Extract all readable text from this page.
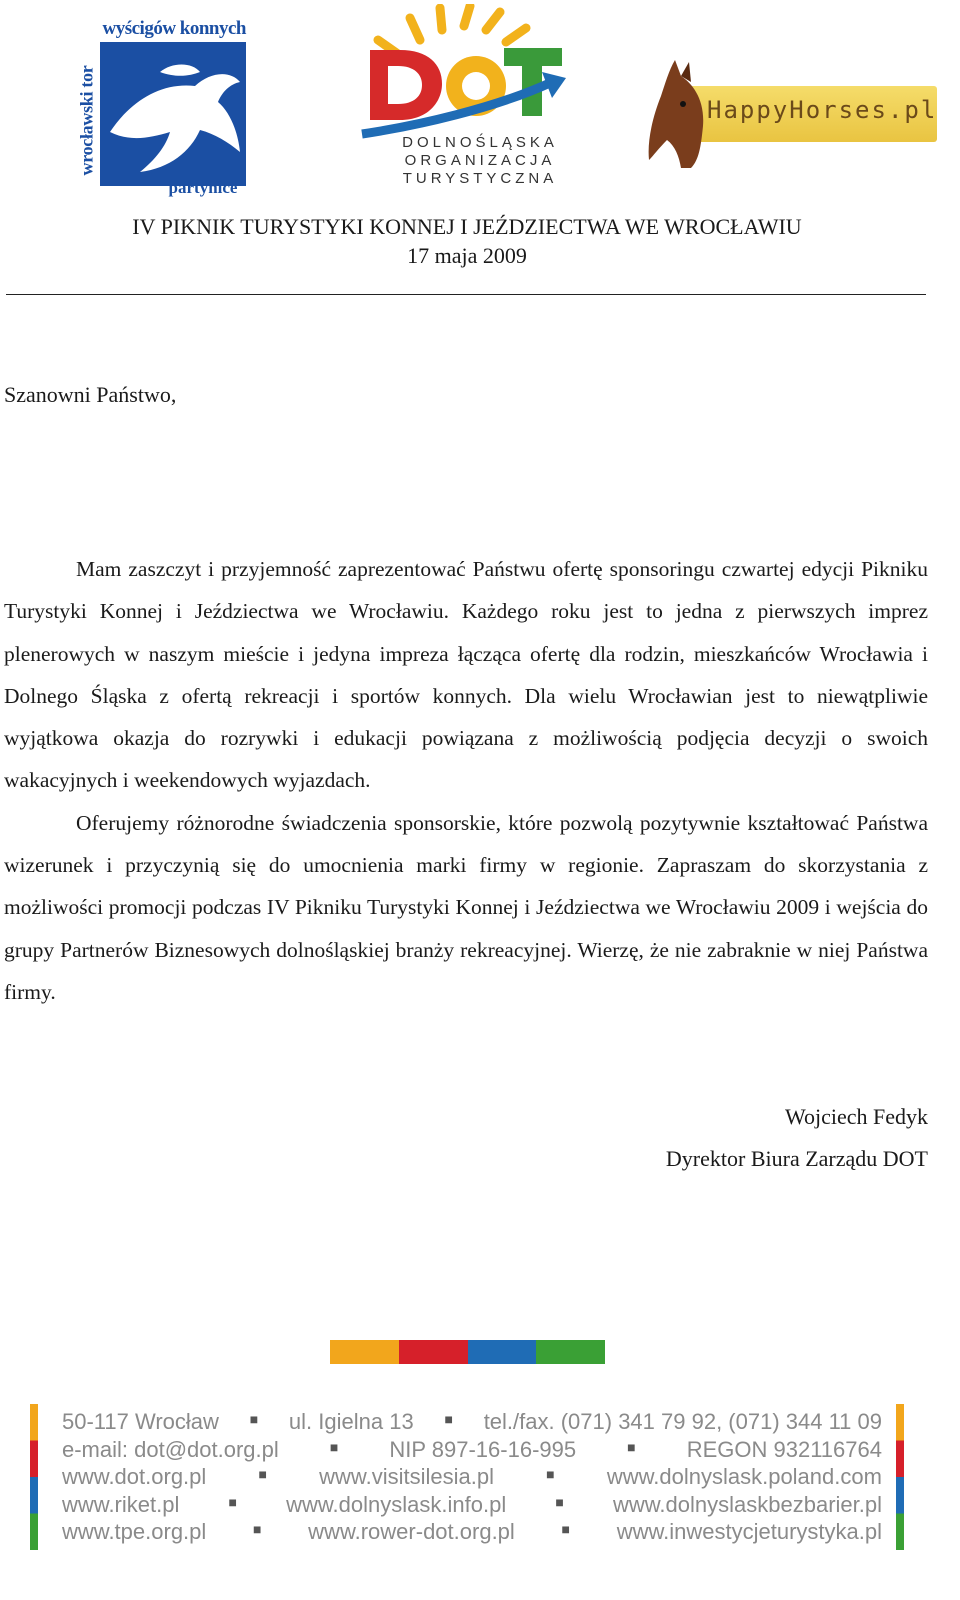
wyścigów konnych
wrocławski tor
partynice
DOLNOŚLĄSKA
ORGANIZACJA
TURYSTYCZNA
HappyHorses.pl
IV PIKNIK TURYSTYKI KONNEJ I JEŹDZIECTWA WE WROCŁAWIU
17 maja 2009
Szanowni Państwo,

Mam zaszczyt i przyjemność zaprezentować Państwu ofertę sponsoringu czwartej edycji Pikniku Turystyki Konnej i Jeździectwa we Wrocławiu. Każdego roku jest to jedna z pierwszych imprez plenerowych w naszym mieście i jedyna impreza łącząca ofertę dla rodzin, mieszkańców Wrocławia i Dolnego Śląska z ofertą rekreacji i sportów konnych. Dla wielu Wrocławian jest to niewątpliwie wyjątkowa okazja do rozrywki i edukacji powiązana z możliwością podjęcia decyzji o swoich wakacyjnych i weekendowych wyjazdach.

Oferujemy różnorodne świadczenia sponsorskie, które pozwolą pozytywnie kształtować Państwa wizerunek i przyczynią się do umocnienia marki firmy w regionie. Zapraszam do skorzystania z możliwości promocji podczas IV Pikniku Turystyki Konnej i Jeździectwa we Wrocławiu 2009 i wejścia do grupy Partnerów Biznesowych dolnośląskiej branży rekreacyjnej. Wierzę, że nie zabraknie w niej Państwa firmy.

Wojciech Fedyk
Dyrektor Biura Zarządu DOT
50-117 Wrocław ■ ul. Igielna 13 ■ tel./fax. (071) 341 79 92, (071) 344 11 09
e-mail: dot@dot.org.pl	■ NIP 897-16-16-995	■ REGON 932116764
www.dot.org.pl	■ www.visitsilesia.pl	■ www.dolnysl​ask.poland.com
www.riket.pl	■ www.dolnyslask.info.pl	■ www.dolnyslaskbezbarier.pl
www.tpe.org.pl	■ www.rower-dot.org.pl	■ www.inwestycjeturystyka.pl
